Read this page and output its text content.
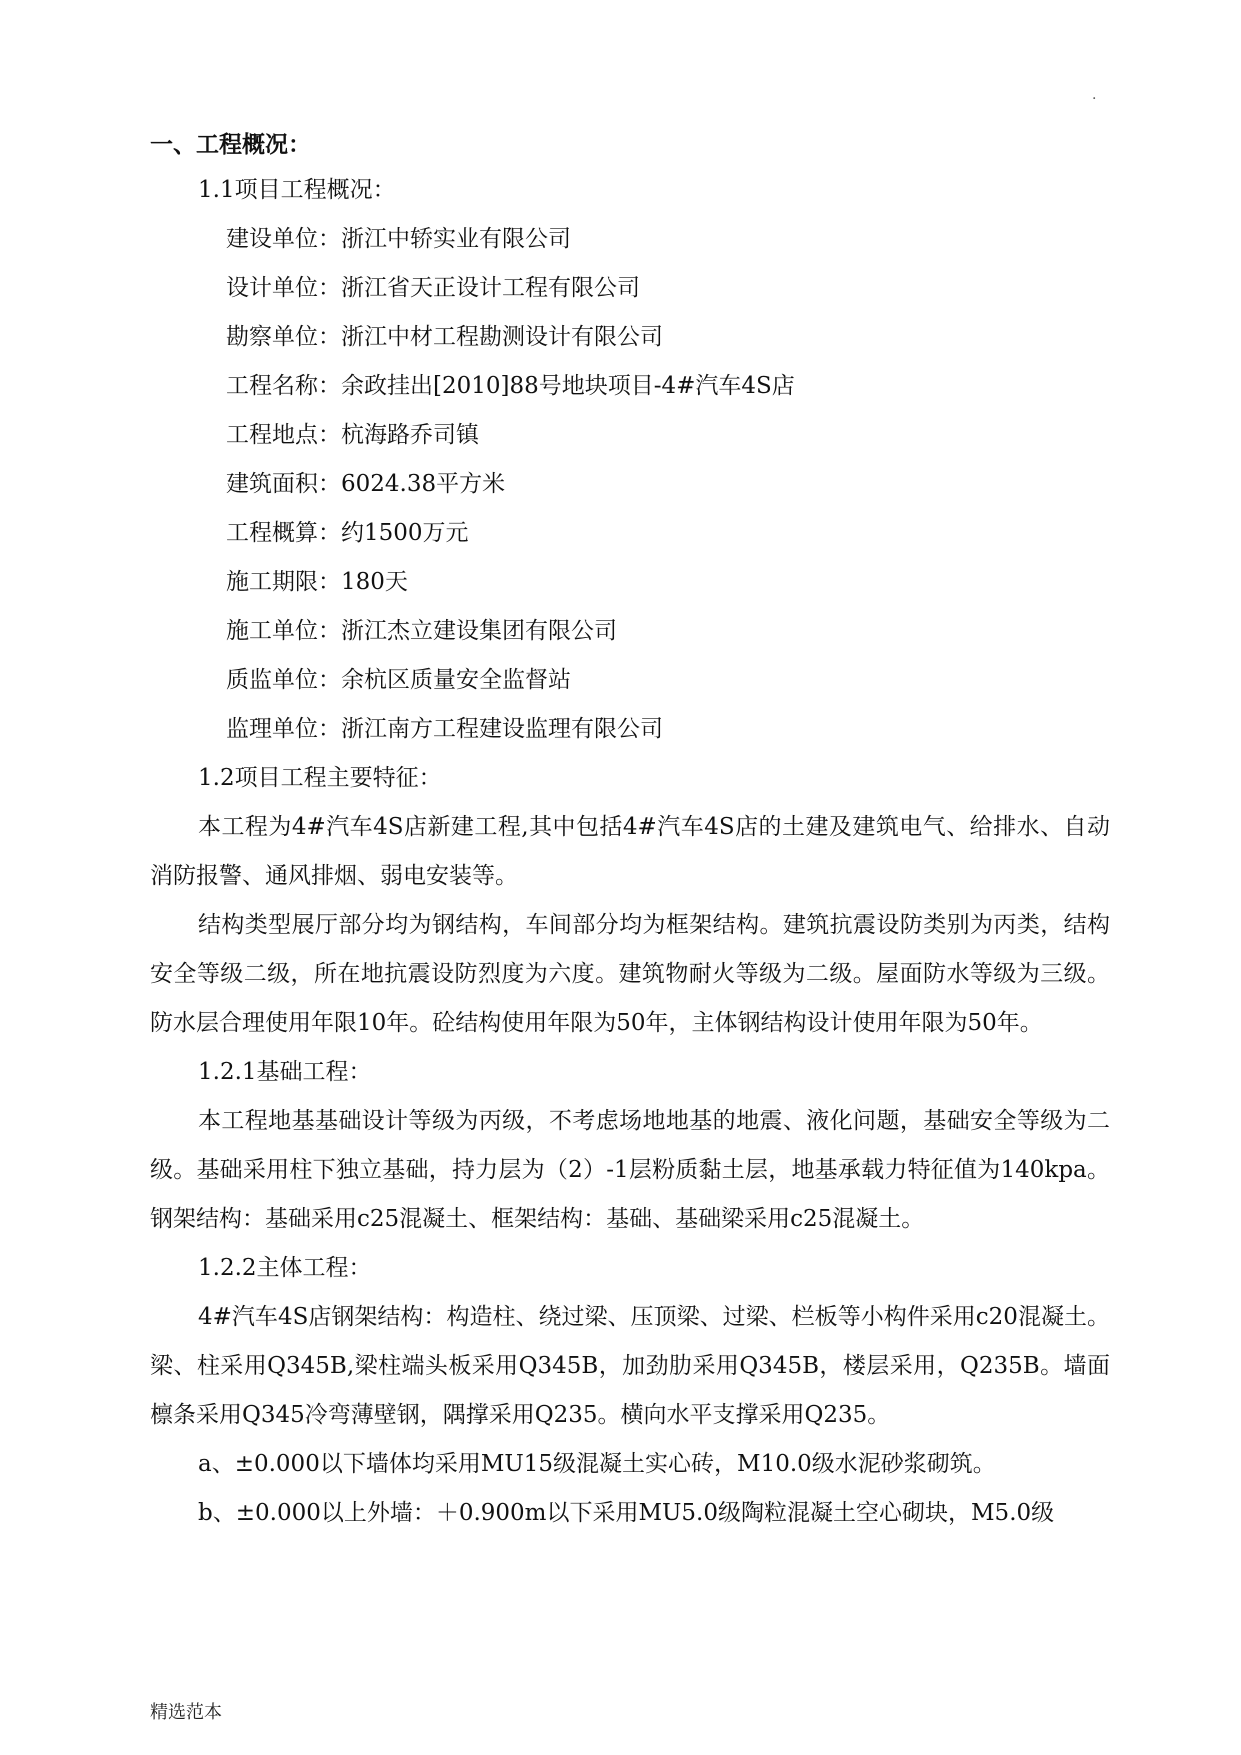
·
一、工程概况：
1.1项目工程概况：
建设单位：浙江中轿实业有限公司
设计单位：浙江省天正设计工程有限公司
勘察单位：浙江中材工程勘测设计有限公司
工程名称：余政挂出[2010]88号地块项目-4#汽车4S店
工程地点：杭海路乔司镇
建筑面积：6024.38平方米
工程概算：约1500万元
施工期限：180天
施工单位：浙江杰立建设集团有限公司
质监单位：余杭区质量安全监督站
监理单位：浙江南方工程建设监理有限公司
1.2项目工程主要特征：

本工程为4#汽车4S店新建工程,其中包括4#汽车4S店的土建及建筑电气、给排水、自动消防报警、通风排烟、弱电安装等。

结构类型展厅部分均为钢结构，车间部分均为框架结构。建筑抗震设防类别为丙类，结构安全等级二级，所在地抗震设防烈度为六度。建筑物耐火等级为二级。屋面防水等级为三级。防水层合理使用年限10年。砼结构使用年限为50年，主体钢结构设计使用年限为50年。

1.2.1基础工程：

本工程地基基础设计等级为丙级，不考虑场地地基的地震、液化问题，基础安全等级为二级。基础采用柱下独立基础，持力层为（2）-1层粉质黏土层，地基承载力特征值为140kpa。钢架结构：基础采用c25混凝土、框架结构：基础、基础梁采用c25混凝土。

1.2.2主体工程：

4#汽车4S店钢架结构：构造柱、绕过梁、压顶梁、过梁、栏板等小构件采用c20混凝土。梁、柱采用Q345B,梁柱端头板采用Q345B，加劲肋采用Q345B，楼层采用，Q235B。墙面檩条采用Q345冷弯薄壁钢，隅撑采用Q235。横向水平支撑采用Q235。

a、±0.000以下墙体均采用MU15级混凝土实心砖，M10.0级水泥砂浆砌筑。

b、±0.000以上外墙：＋0.900m以下采用MU5.0级陶粒混凝土空心砌块，M5.0级

精选范本
